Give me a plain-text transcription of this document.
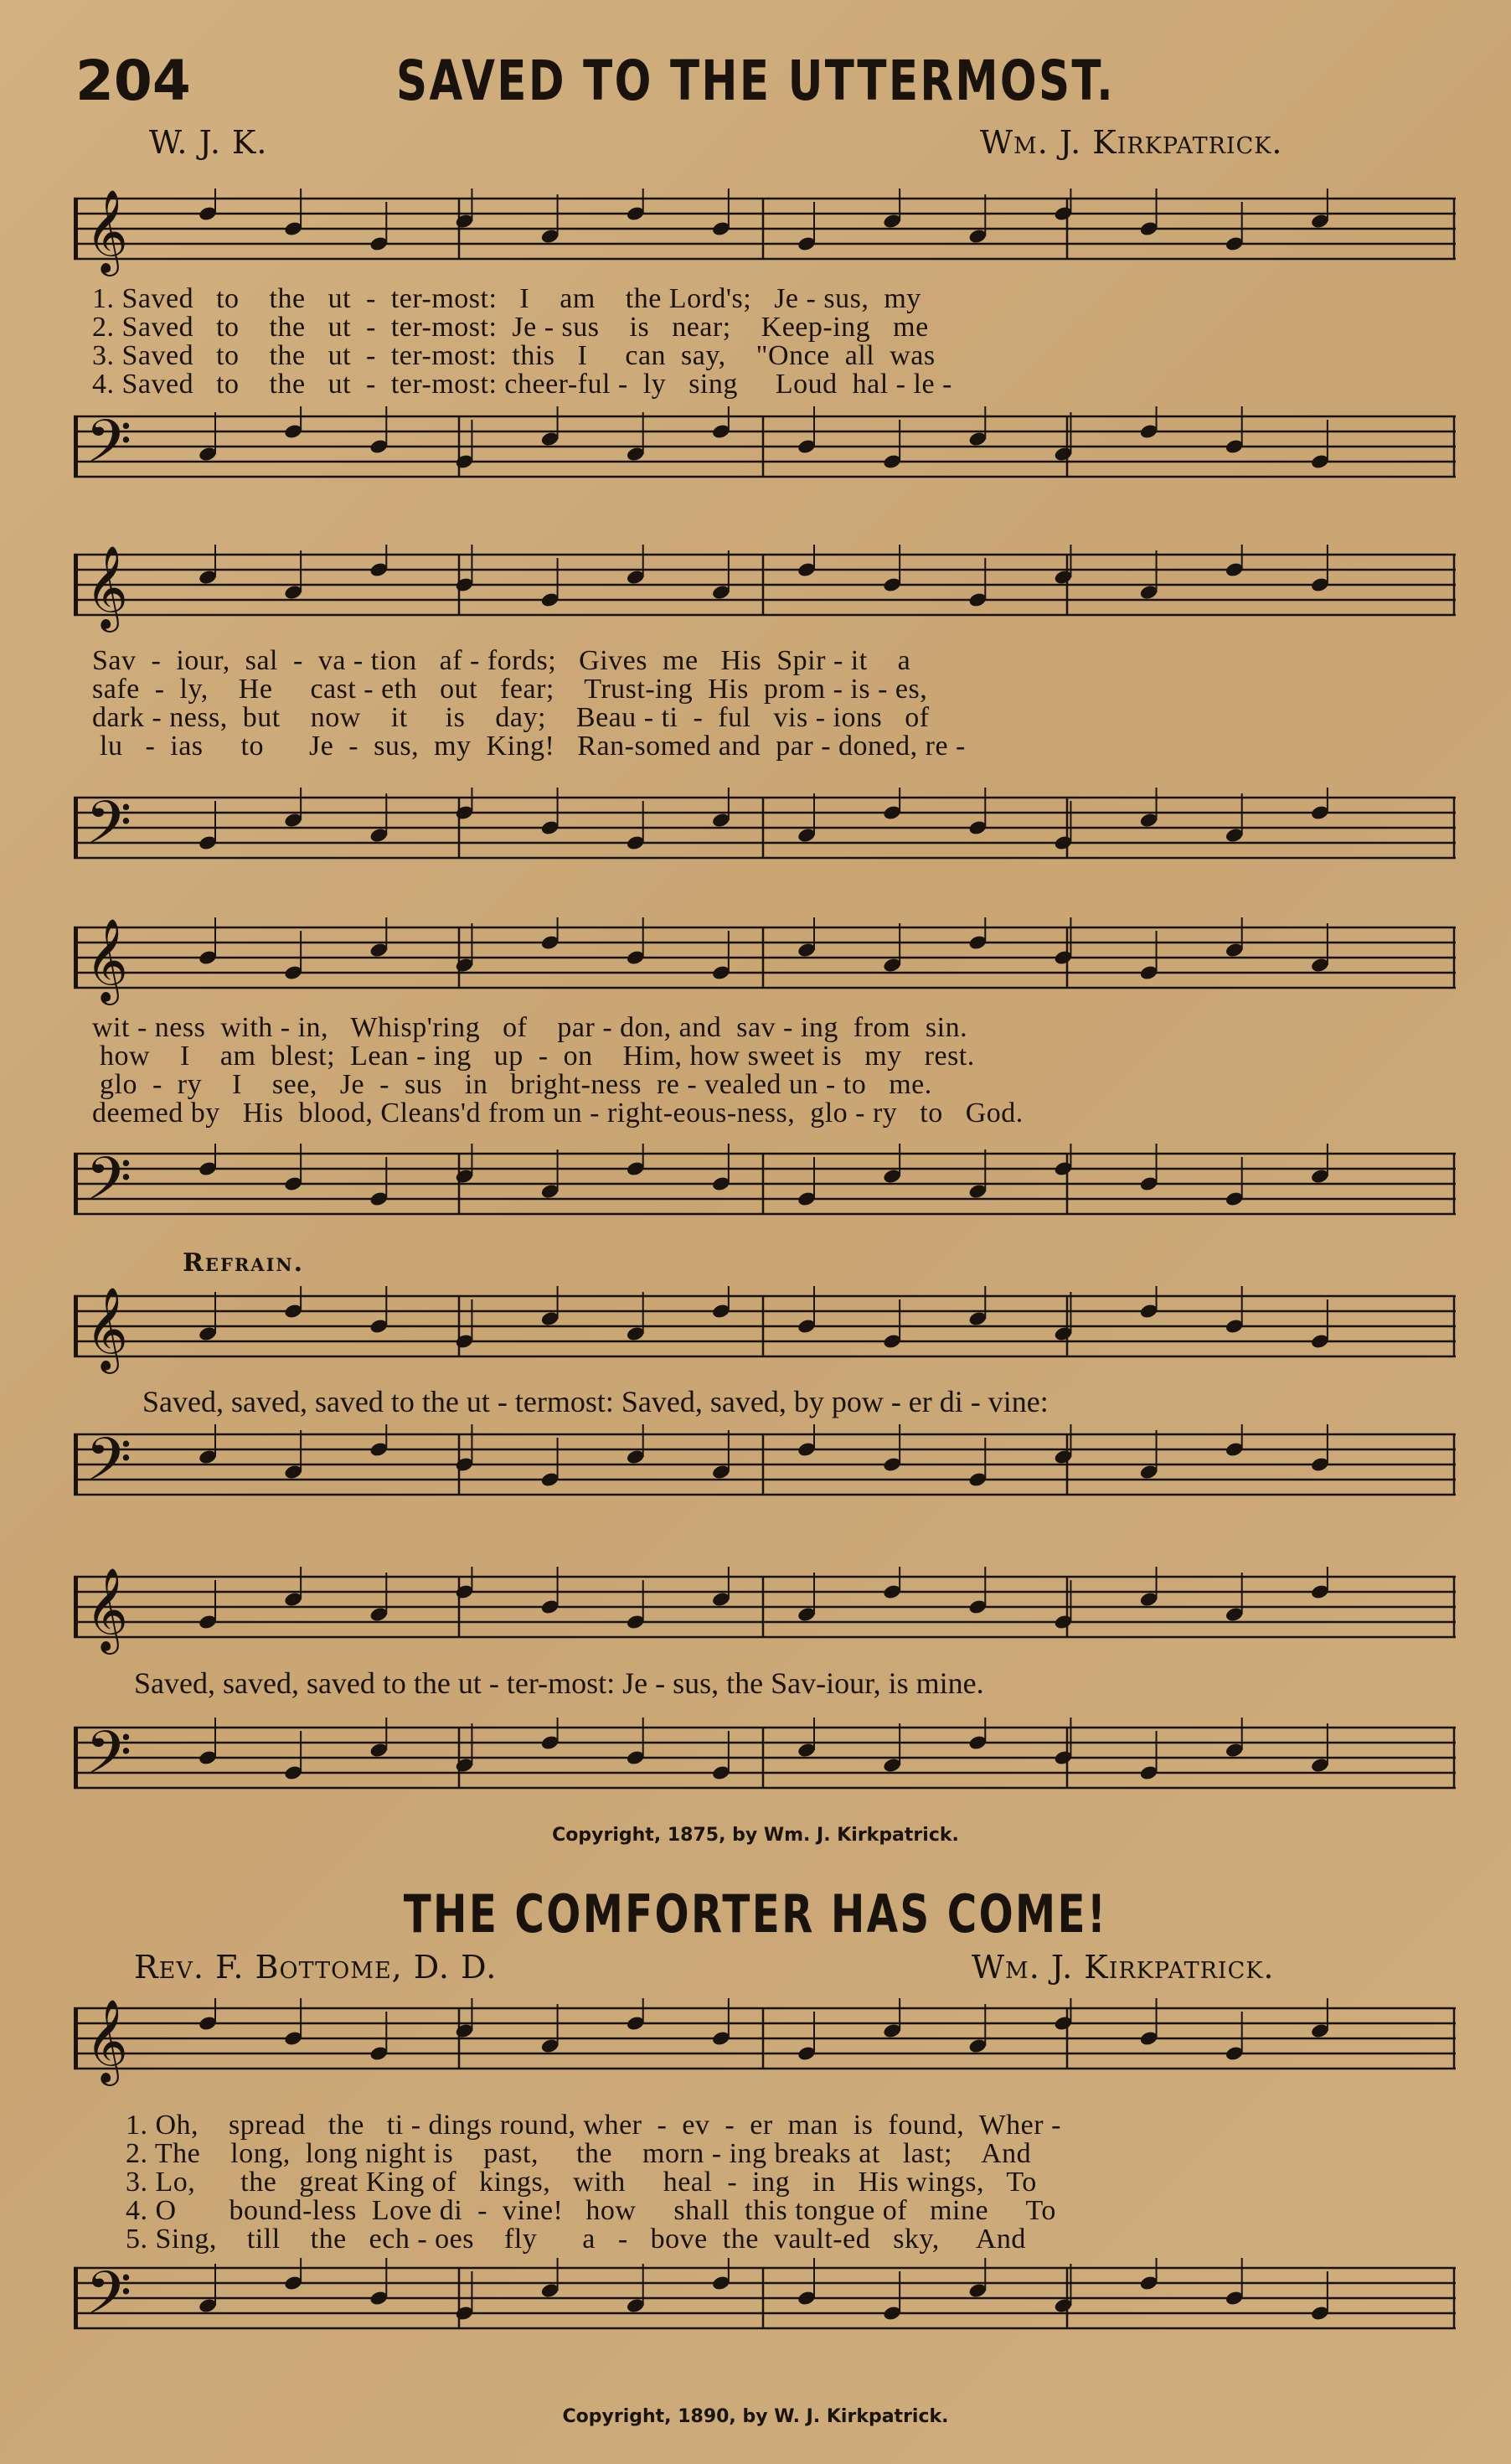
204	SAVED TO THE UTTERMOST.
W. J. K.	Wm. J. Kirkpatrick.
𝄞
𝄢
1. Saved   to    the   ut  -  ter-most:   I    am    the Lord's;   Je - sus,  my
2. Saved   to    the   ut  -  ter-most:  Je - sus    is   near;    Keep-ing   me
3. Saved   to    the   ut  -  ter-most:  this   I     can  say,    "Once  all  was
4. Saved   to    the   ut  -  ter-most: cheer-ful -  ly   sing     Loud  hal - le -
𝄞
𝄢
Sav  -  iour,  sal  -  va - tion   af - fords;   Gives  me   His  Spir - it    a
safe  -  ly,    He     cast - eth   out   fear;    Trust-ing  His  prom - is - es,
dark - ness,  but    now    it     is    day;    Beau - ti  -  ful   vis - ions   of
lu   -  ias     to      Je  -  sus,  my  King!   Ran-somed and  par - doned, re -
𝄞
𝄢
wit - ness  with - in,   Whisp'ring   of    par - don, and  sav - ing  from  sin.
how    I    am  blest;  Lean - ing   up  -  on    Him, how sweet is   my   rest.
glo  -  ry    I    see,   Je  -  sus   in   bright-ness  re - vealed un - to   me.
deemed by   His  blood, Cleans'd from un - right-eous-ness,  glo - ry   to   God.
Refrain.
𝄞
𝄢
Saved, saved, saved to the ut - termost: Saved, saved, by pow - er di - vine:
𝄞
𝄢
Saved, saved, saved to the ut - ter-most: Je - sus, the Sav-iour, is mine.
Copyright, 1875, by Wm. J. Kirkpatrick.
THE COMFORTER HAS COME!
Rev. F. Bottome, D. D.	Wm. J. Kirkpatrick.
𝄞
𝄢
1. Oh,    spread   the   ti - dings round, wher  -  ev  -  er  man  is  found,  Wher -
2. The    long,  long night is    past,     the    morn - ing breaks at   last;    And
3. Lo,      the   great King of   kings,   with     heal  -  ing   in   His wings,   To
4. O       bound-less  Love di  -  vine!   how     shall  this tongue of   mine     To
5. Sing,    till    the   ech - oes    fly      a   -   bove  the  vault-ed   sky,     And
Copyright, 1890, by W. J. Kirkpatrick.
